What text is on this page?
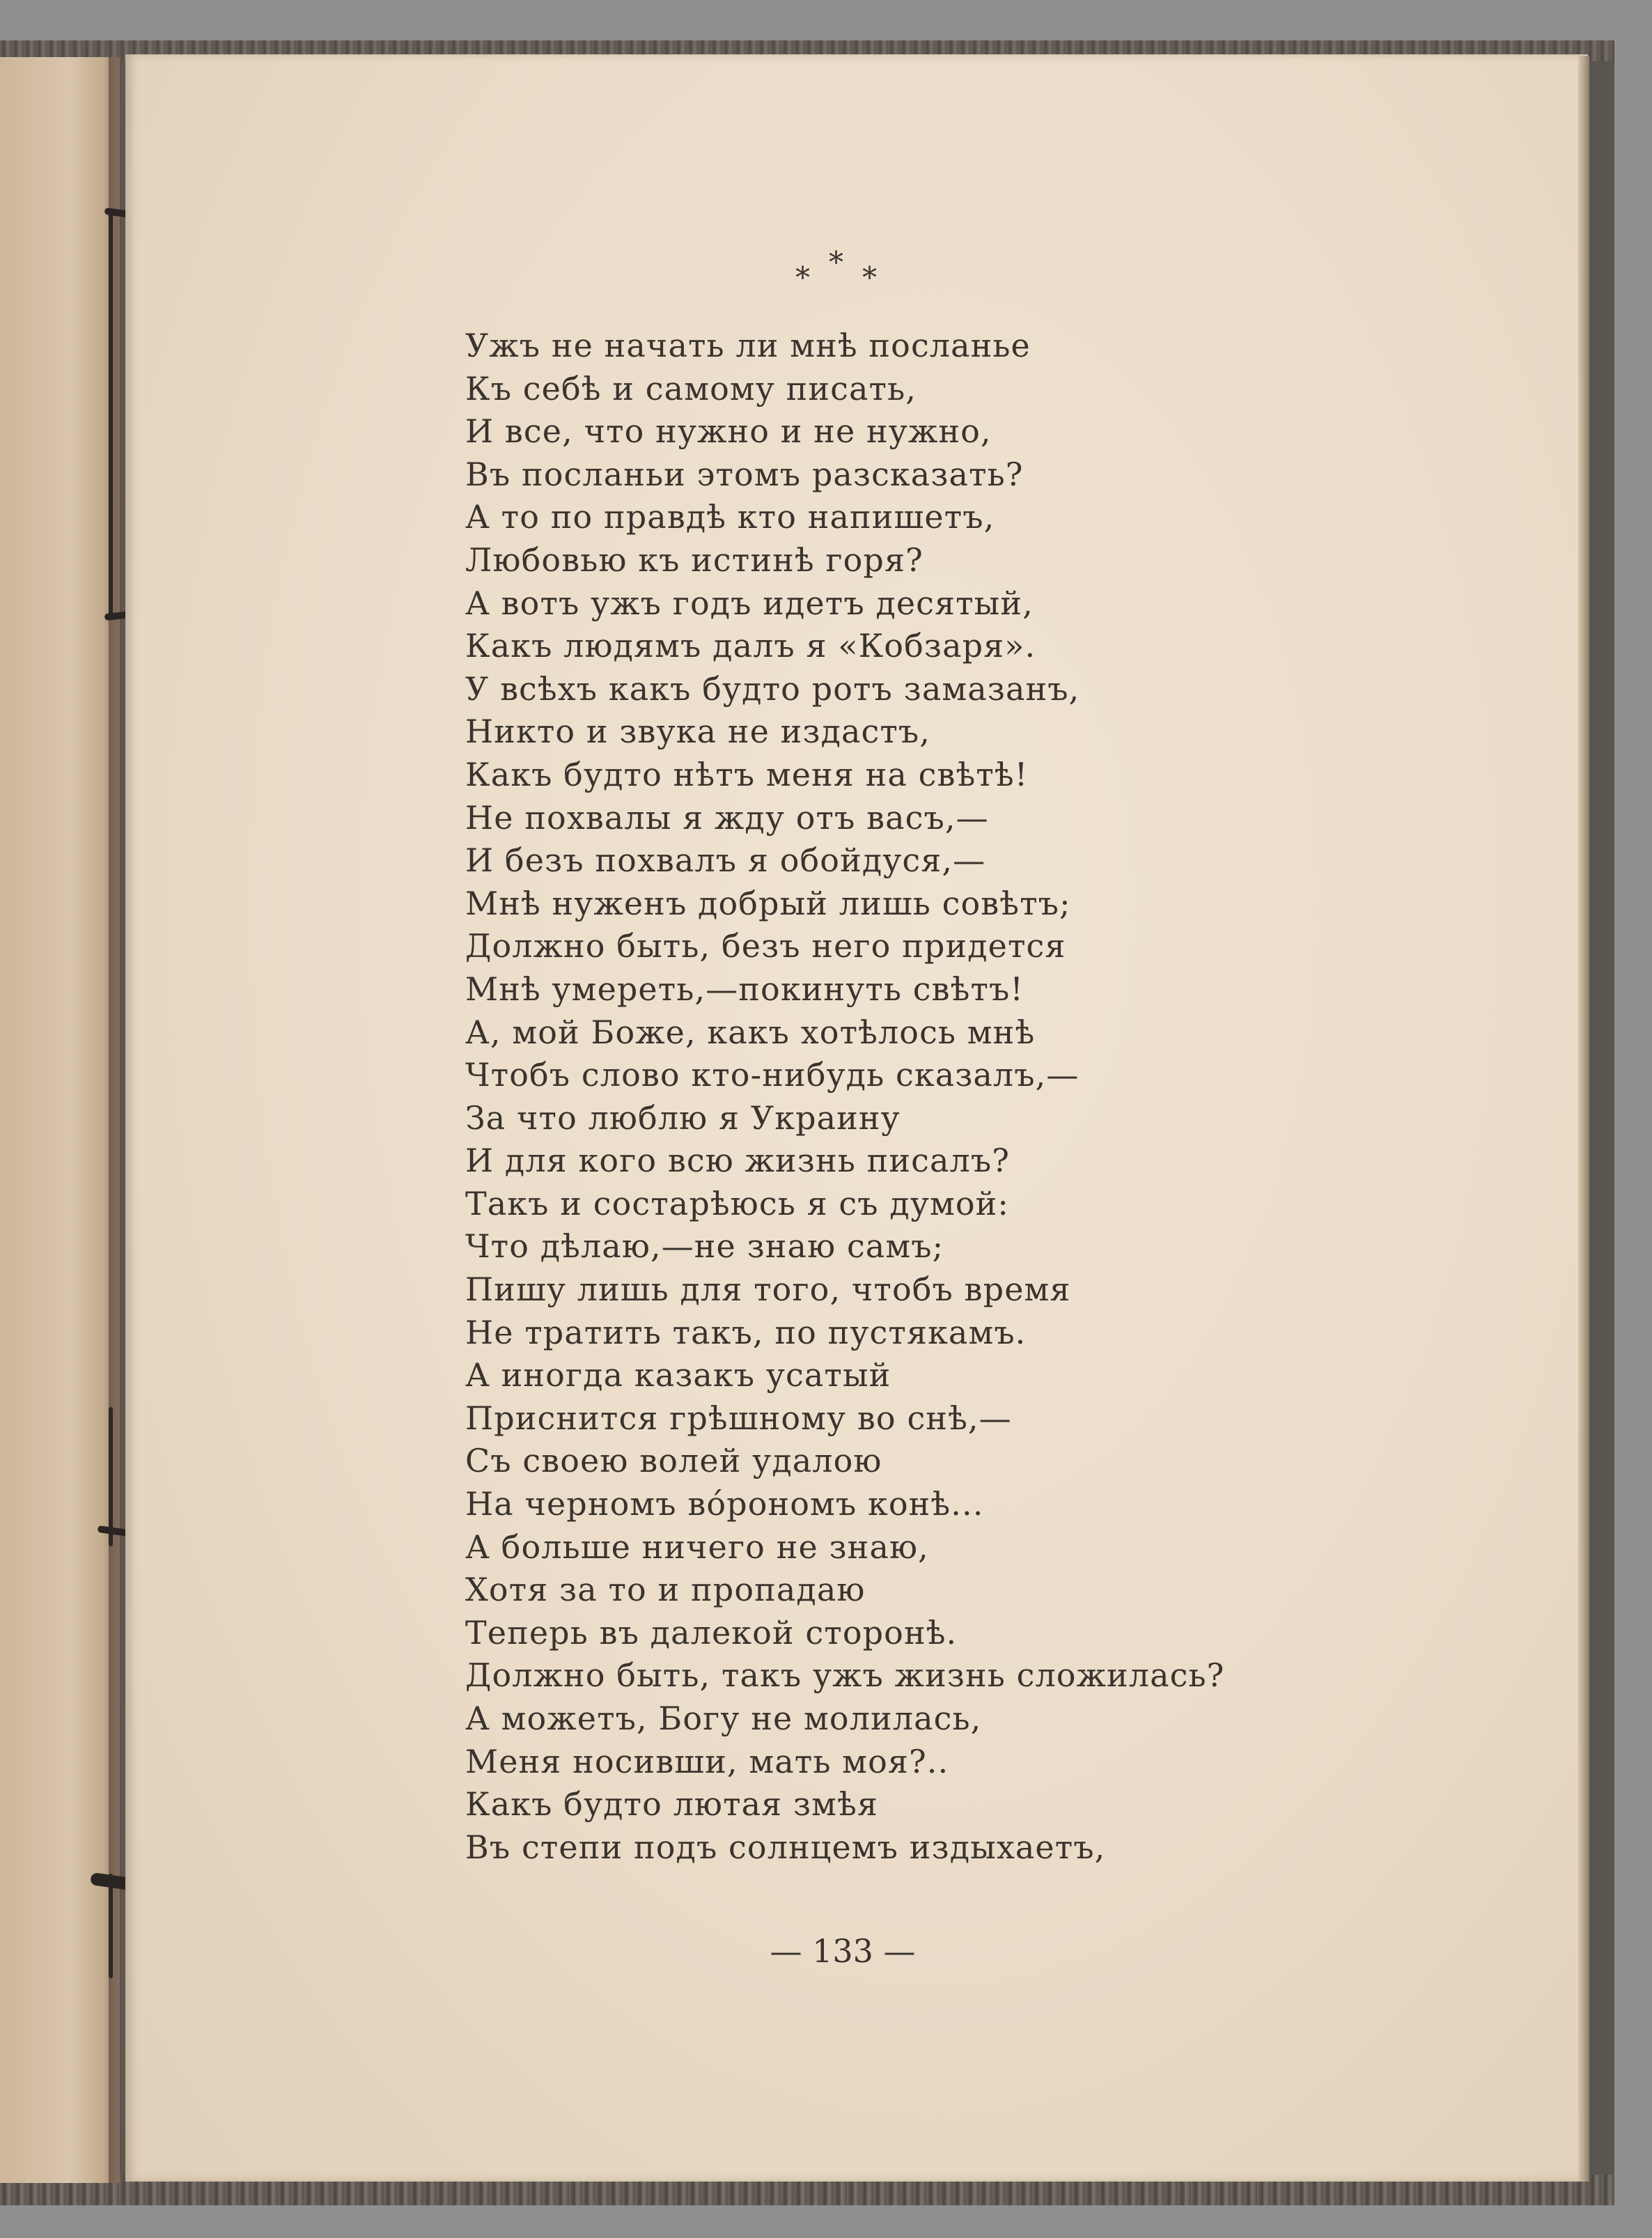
*
* *
Ужъ не начать ли мнѣ посланье
Къ себѣ и самому писать,
И все, что нужно и не нужно,
Въ посланьи этомъ разсказать?
А то по правдѣ кто напишетъ,
Любовью къ истинѣ горя?
А вотъ ужъ годъ идетъ десятый,
Какъ людямъ далъ я «Кобзаря».
У всѣхъ какъ будто ротъ замазанъ,
Никто и звука не издастъ,
Какъ будто нѣтъ меня на свѣтѣ!
Не похвалы я жду отъ васъ,—
И безъ похвалъ я обойдуся,—
Мнѣ нуженъ добрый лишь совѣтъ;
Должно быть, безъ него придется
Мнѣ умереть,—покинуть свѣтъ!
А, мой Боже, какъ хотѣлось мнѣ
Чтобъ слово кто-нибудь сказалъ,—
За что люблю я Украину
И для кого всю жизнь писалъ?
Такъ и состарѣюсь я съ думой:
Что дѣлаю,—не знаю самъ;
Пишу лишь для того, чтобъ время
Не тратить такъ, по пустякамъ.
А иногда казакъ усатый
Приснится грѣшному во снѣ,—
Съ своею волей удалою
На черномъ вóрономъ конѣ...
А больше ничего не знаю,
Хотя за то и пропадаю
Теперь въ далекой сторонѣ.
Должно быть, такъ ужъ жизнь сложилась?
А можетъ, Богу не молилась,
Меня носивши, мать моя?..
Какъ будто лютая змѣя
Въ степи подъ солнцемъ издыхаетъ,
— 133 —
